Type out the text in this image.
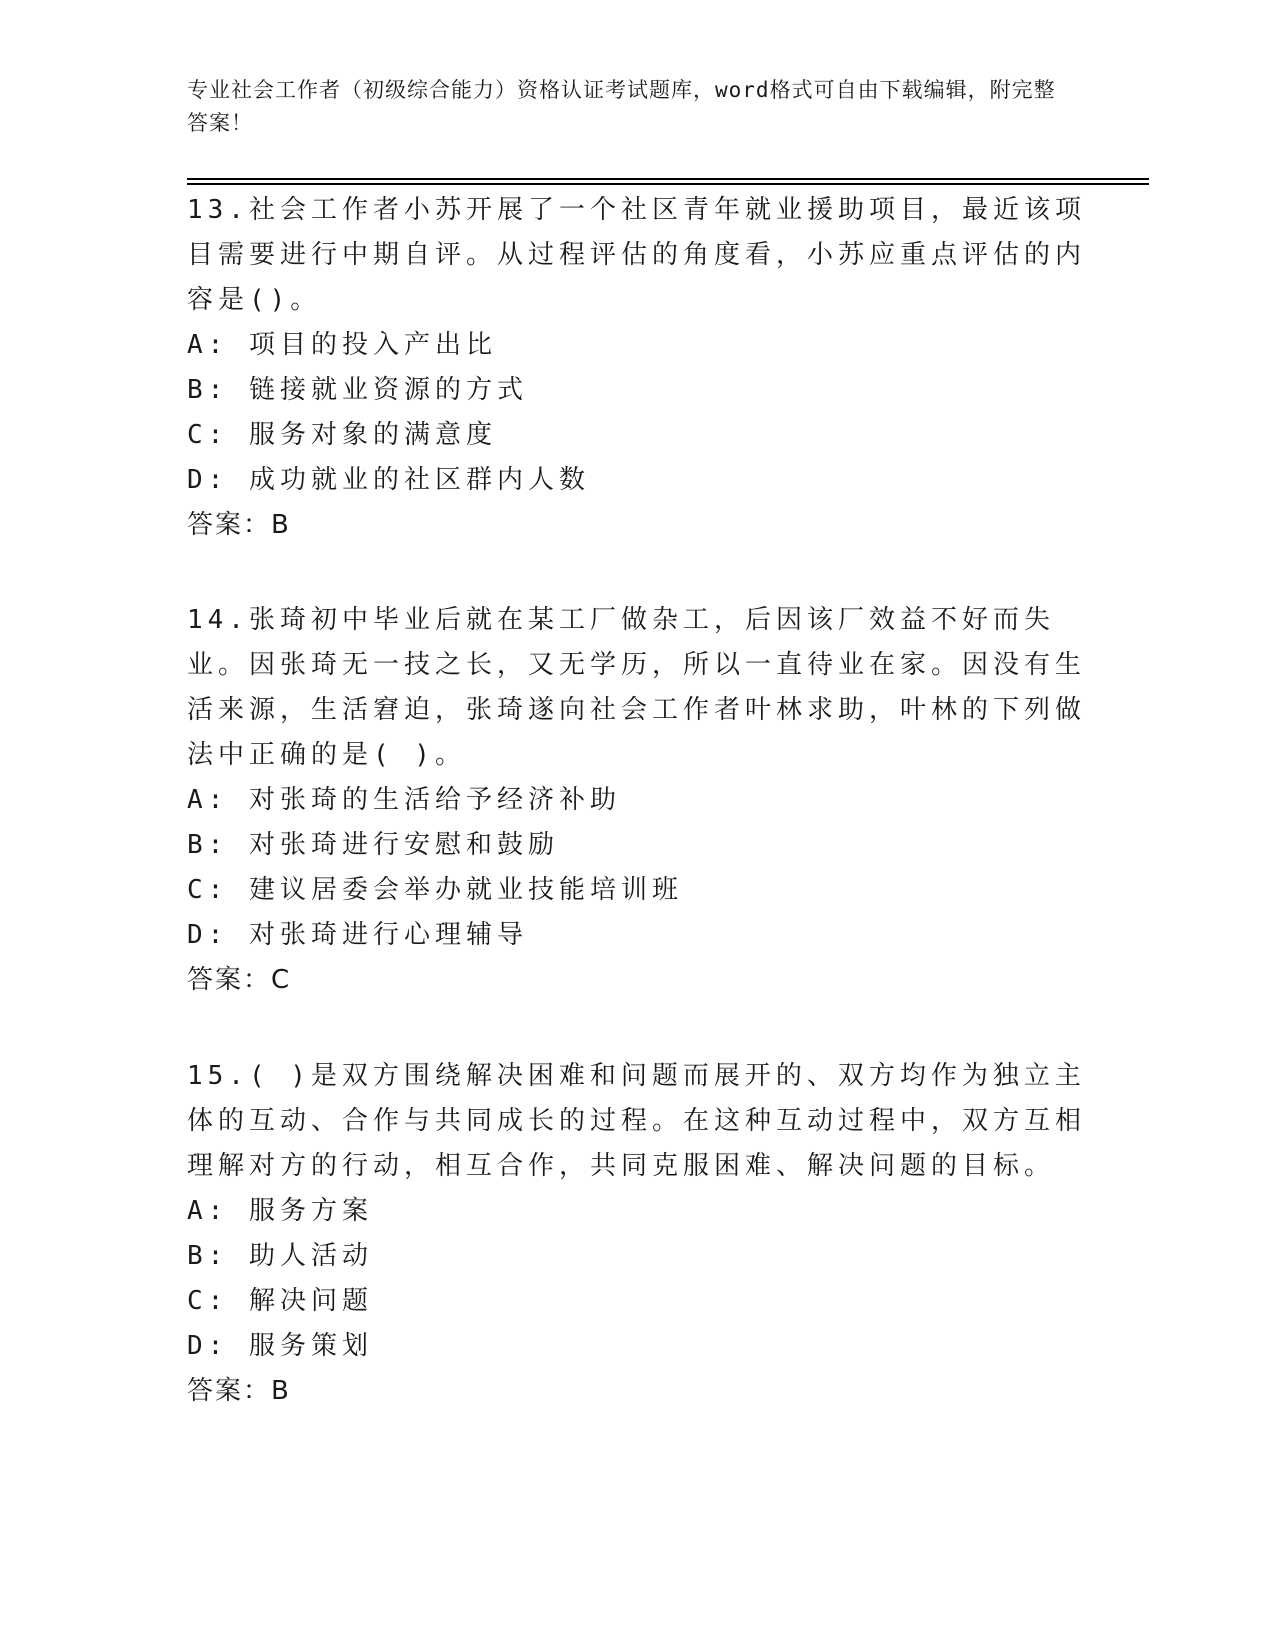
专业社会工作者（初级综合能力）资格认证考试题库，word格式可自由下载编辑，附完整答案！

13.社会工作者小苏开展了一个社区青年就业援助项目，最近该项目需要进行中期自评。从过程评估的角度看，小苏应重点评估的内容是()。

A: 项目的投入产出比

B: 链接就业资源的方式

C: 服务对象的满意度

D: 成功就业的社区群内人数

答案：B

14.张琦初中毕业后就在某工厂做杂工，后因该厂效益不好而失业。因张琦无一技之长，又无学历，所以一直待业在家。因没有生活来源，生活窘迫，张琦遂向社会工作者叶林求助，叶林的下列做法中正确的是( )。

A: 对张琦的生活给予经济补助

B: 对张琦进行安慰和鼓励

C: 建议居委会举办就业技能培训班

D: 对张琦进行心理辅导

答案：C

15.( )是双方围绕解决困难和问题而展开的、双方均作为独立主体的互动、合作与共同成长的过程。在这种互动过程中，双方互相理解对方的行动，相互合作，共同克服困难、解决问题的目标。

A: 服务方案

B: 助人活动

C: 解决问题

D: 服务策划

答案：B
